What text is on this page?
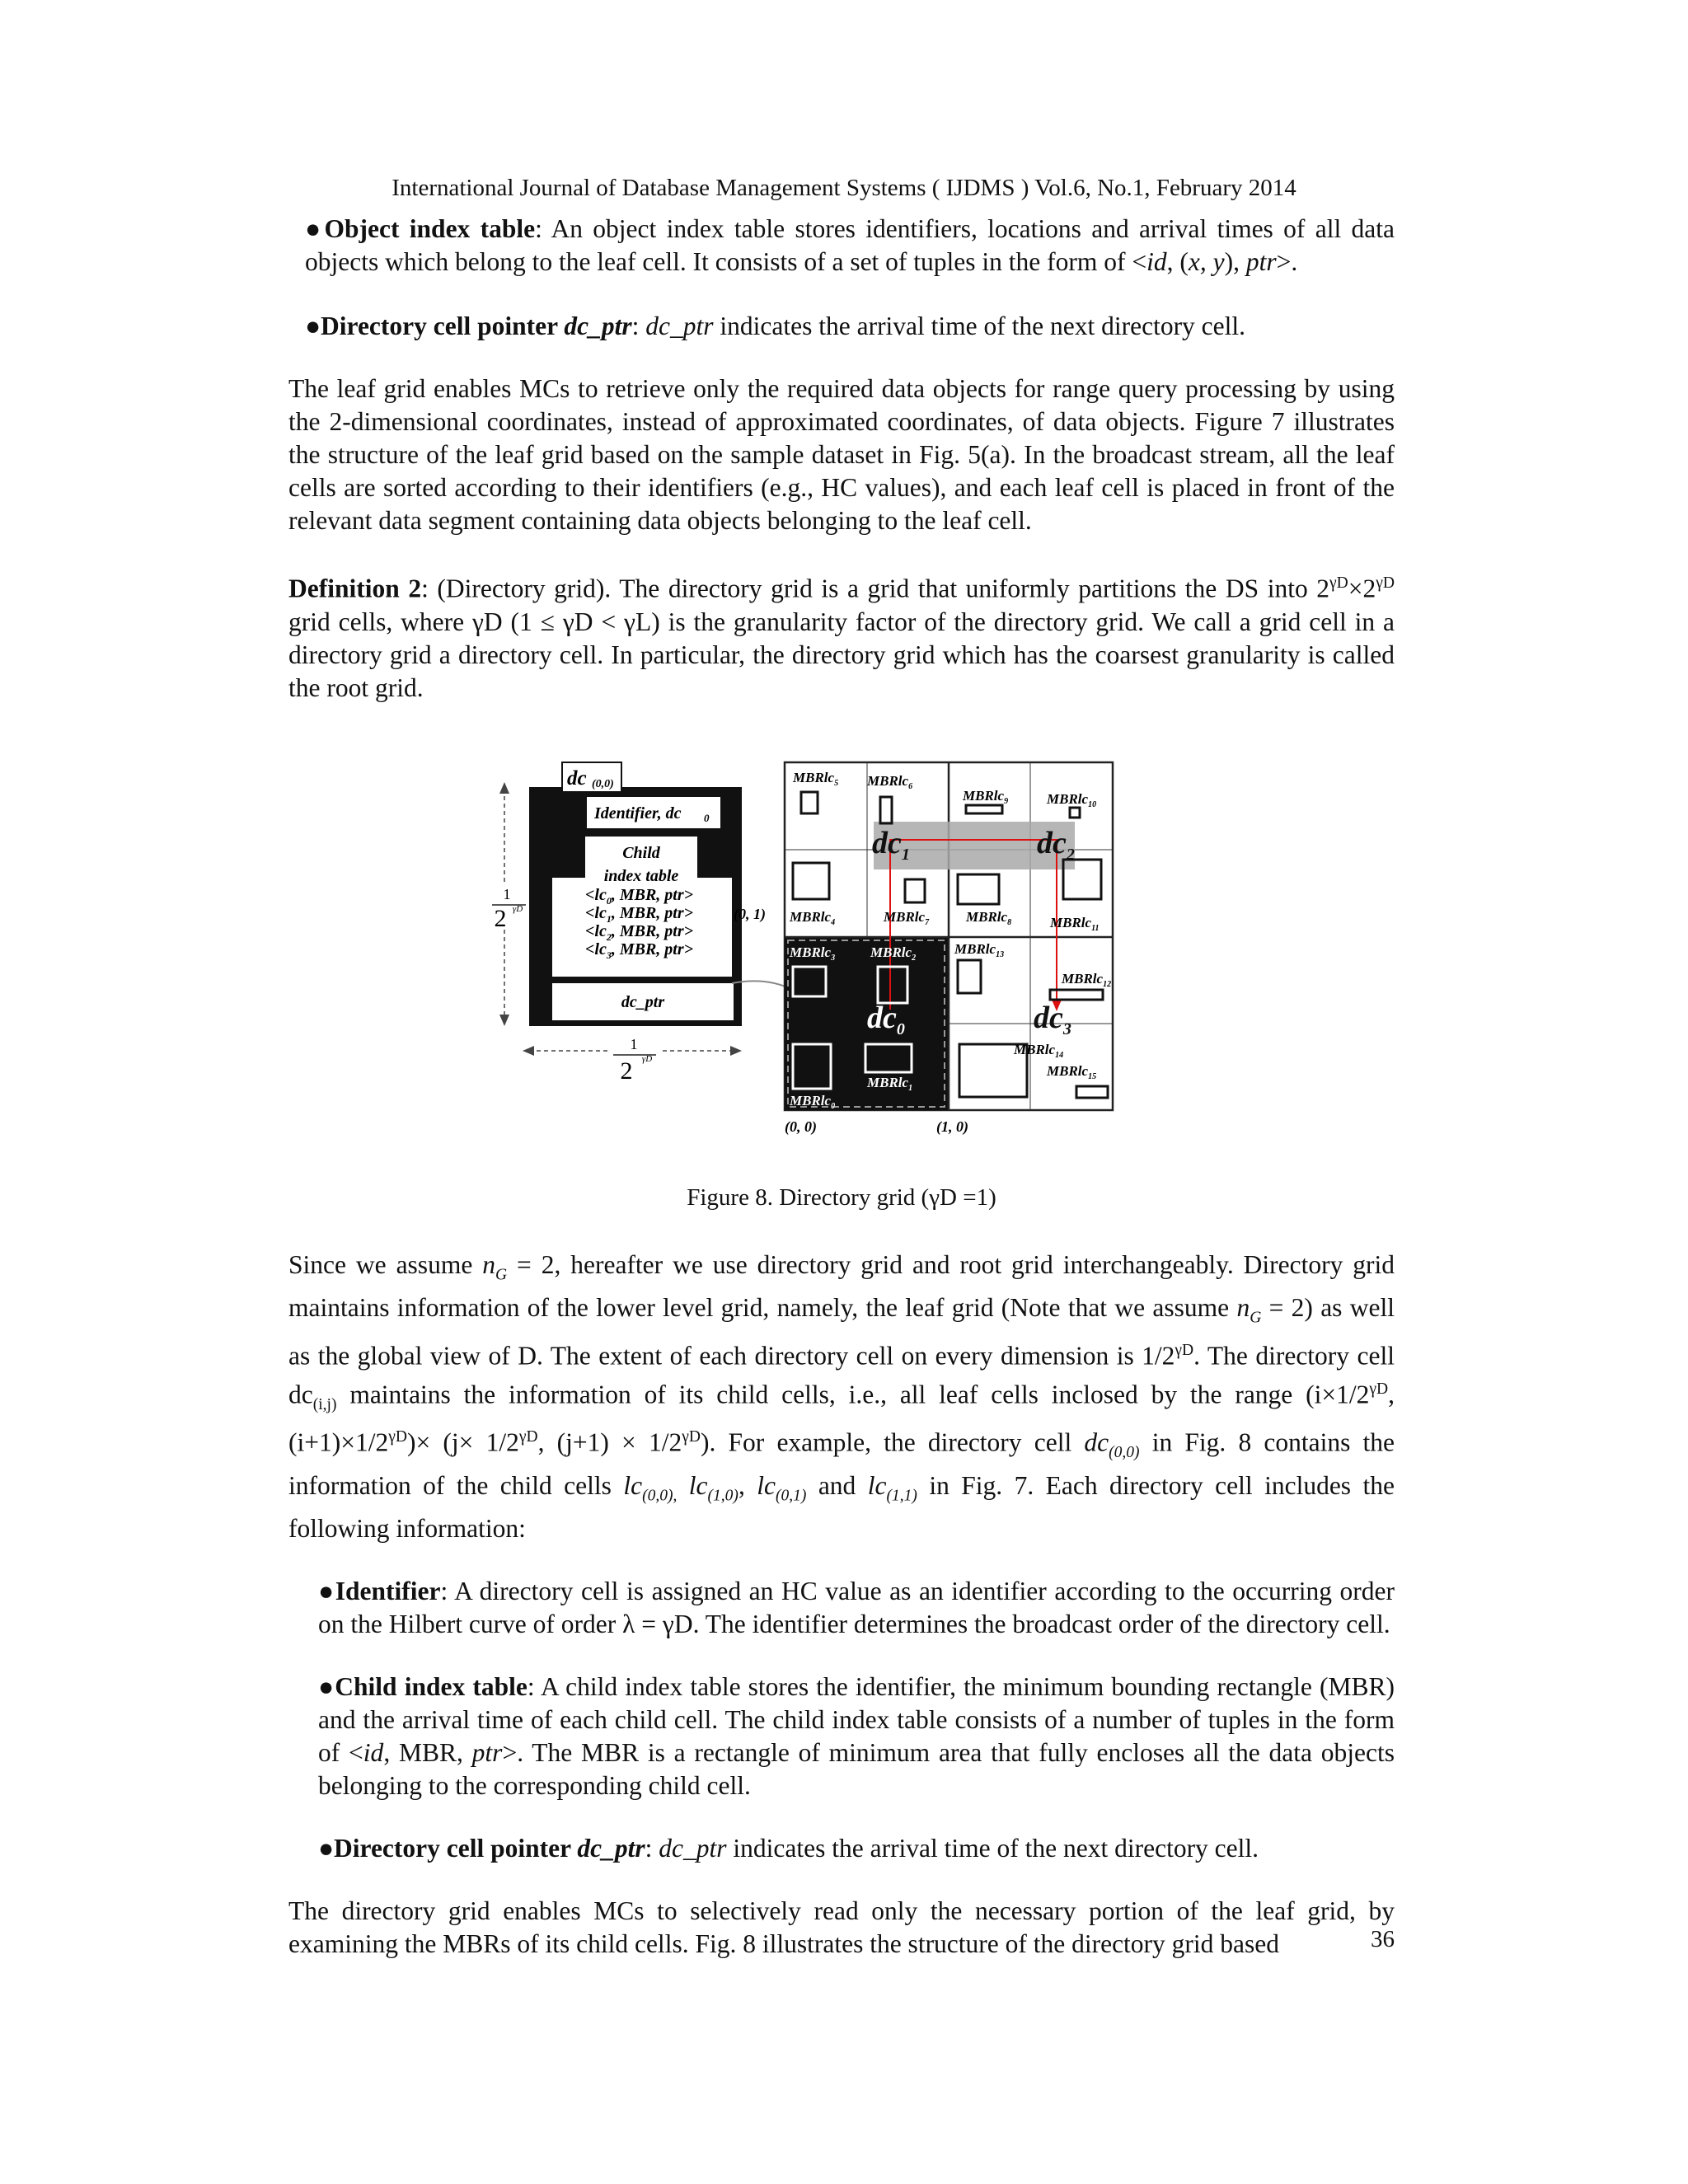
International Journal of Database Management Systems ( IJDMS ) Vol.6, No.1, February 2014

●Object index table: An object index table stores identifiers, locations and arrival times of all data objects which belong to the leaf cell. It consists of a set of tuples in the form of <id, (x, y), ptr>.

●Directory cell pointer dc_ptr: dc_ptr indicates the arrival time of the next directory cell.

The leaf grid enables MCs to retrieve only the required data objects for range query processing by using the 2-dimensional coordinates, instead of approximated coordinates, of data objects. Figure 7 illustrates the structure of the leaf grid based on the sample dataset in Fig. 5(a). In the broadcast stream, all the leaf cells are sorted according to their identifiers (e.g., HC values), and each leaf cell is placed in front of the relevant data segment containing data objects belonging to the leaf cell.

Definition 2: (Directory grid). The directory grid is a grid that uniformly partitions the DS into $2^{\gamma D}\times 2^{\gamma D}$ grid cells, where γD (1 ≤ γD < γL) is the granularity factor of the directory grid. We call a grid cell in a directory grid a directory cell. In particular, the directory grid which has the coarsest granularity is called the root grid.

1
2 γD
1
2 γD
dc (0,0)
Identifier, dc 0
Child
index table
$<lc_0$, MBR, ptr>
$<lc_1$, MBR, ptr>
$<lc_2$, MBR, ptr>
$<lc_3$, MBR, ptr>
dc_ptr
MBRlc$_5$ MBRlc$_6$
MBRlc$_9$	MBRlc$_{10}$
MBRlc$_4$	MBRlc$_7$	MBRlc$_8$	MBRlc$_{11}$
MBRlc$_3$	MBRlc$_2$
MBRlc$_{13}$
MBRlc$_{12}$
MBRlc$_{14}$
MBRlc$_{15}$
MBRlc$_0$
MBRlc$_1$
$dc_1$	$dc_2$
$dc_0$	$dc_3$
(0, 1)
(0, 0)	(1, 0)
Figure 8. Directory grid (γD =1)

Since we assume $n_G = 2$, hereafter we use directory grid and root grid interchangeably. Directory grid maintains information of the lower level grid, namely, the leaf grid (Note that we assume $n_G = 2$) as well as the global view of D. The extent of each directory cell on every dimension is $1/2^{\gamma D}$. The directory cell $dc_{(i,j)}$ maintains the information of its child cells, i.e., all leaf cells inclosed by the range ($i\times 1/2^{\gamma D}$, $(i+1)\times 1/2^{\gamma D})\times (j\times 1/2^{\gamma D}$, $(j+1) \times 1/2^{\gamma D}$). For example, the directory cell $dc_{(0,0)}$ in Fig. 8 contains the information of the child cells $lc_{(0,0),}$ $lc_{(1,0)}$, $lc_{(0,1)}$ and $lc_{(1,1)}$ in Fig. 7. Each directory cell includes the following information:

●Identifier: A directory cell is assigned an HC value as an identifier according to the occurring order on the Hilbert curve of order λ = γD. The identifier determines the broadcast order of the directory cell.

●Child index table: A child index table stores the identifier, the minimum bounding rectangle (MBR) and the arrival time of each child cell. The child index table consists of a number of tuples in the form of <id, MBR, ptr>. The MBR is a rectangle of minimum area that fully encloses all the data objects belonging to the corresponding child cell.

●Directory cell pointer dc_ptr: dc_ptr indicates the arrival time of the next directory cell.

The directory grid enables MCs to selectively read only the necessary portion of the leaf grid, by examining the MBRs of its child cells. Fig. 8 illustrates the structure of the directory grid based	36
